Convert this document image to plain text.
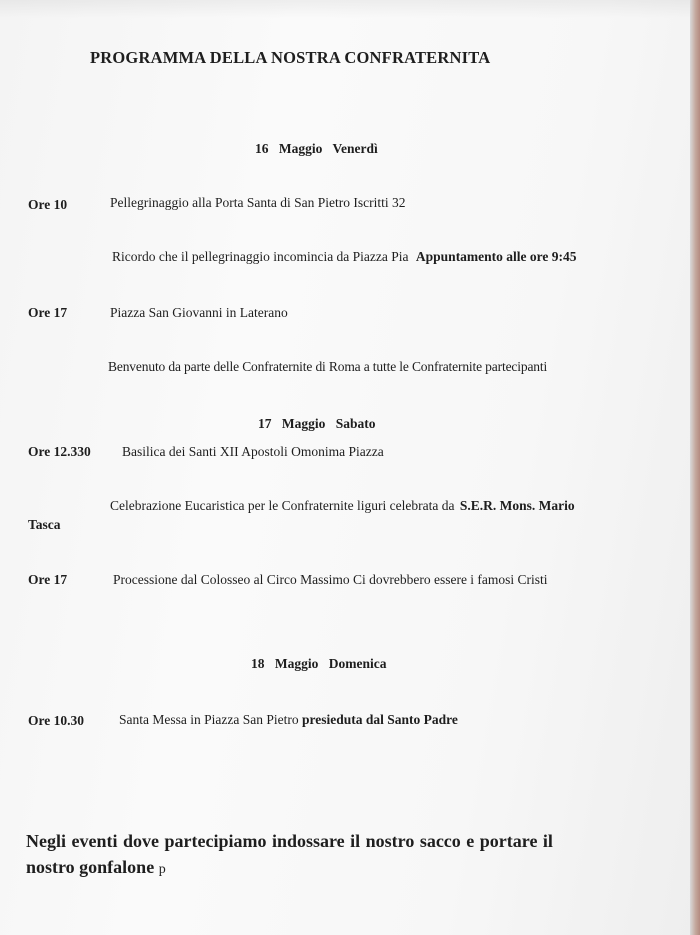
PROGRAMMA DELLA NOSTRA CONFRATERNITA
16 Maggio Venerdì
Ore 10	Pellegrinaggio alla Porta Santa di San Pietro Iscritti 32
Ricordo che il pellegrinaggio incomincia da Piazza Pia Appuntamento alle ore 9:45
Ore 17	Piazza San Giovanni in Laterano
Benvenuto da parte delle Confraternite di Roma a tutte le Confraternite partecipanti
17 Maggio Sabato
Ore 12.330 Basilica dei Santi XII Apostoli Omonima Piazza
Celebrazione Eucaristica per le Confraternite liguri celebrata da S.E.R. Mons. Mario
Tasca
Ore 17	Processione dal Colosseo al Circo Massimo Ci dovrebbero essere i famosi Cristi
18 Maggio Domenica
Ore 10.30	Santa Messa in Piazza San Pietro presieduta dal Santo Padre
Negli eventi dove partecipiamo indossare il nostro sacco e portare il
nostro gonfalone p
